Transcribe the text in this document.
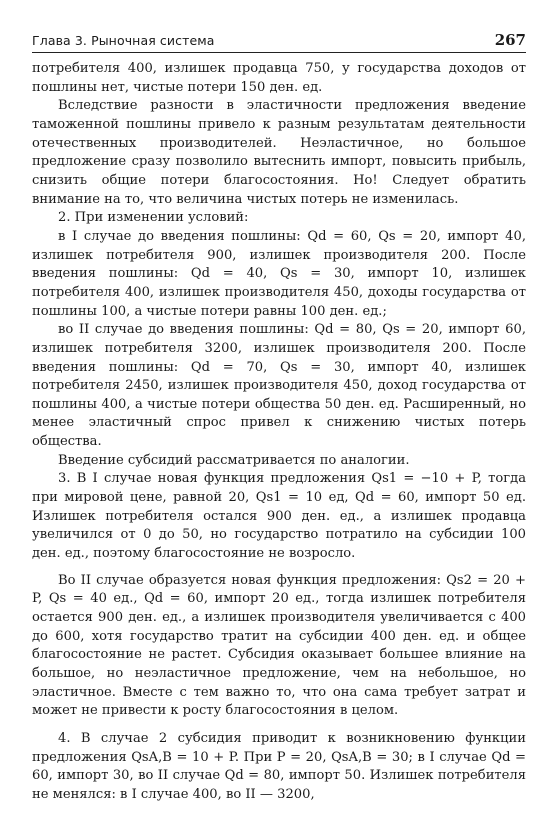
Глава 3. Рыночная система	267

потребителя 400, излишек продавца 750, у государства доходов от пошлины нет, чистые потери 150 ден. ед.

Вследствие разности в эластичности предложения введение таможенной пошлины привело к разным результатам деятельности отечественных производителей. Неэластичное, но большое предложение сразу позволило вытеснить импорт, повысить прибыль, снизить общие потери благосостояния. Но! Следует обратить внимание на то, что величина чистых потерь не изменилась.

2. При изменении условий:

в I случае до введения пошлины: Qd = 60, Qs = 20, импорт 40, излишек потребителя 900, излишек производителя 200. После введения пошлины: Qd = 40, Qs = 30, импорт 10, излишек потребителя 400, излишек производителя 450, доходы государства от пошлины 100, а чистые потери равны 100 ден. ед.;

во II случае до введения пошлины: Qd = 80, Qs = 20, импорт 60, излишек потребителя 3200, излишек производителя 200. После введения пошлины: Qd = 70, Qs = 30, импорт 40, излишек потребителя 2450, излишек производителя 450, доход государства от пошлины 400, а чистые потери общества 50 ден. ед. Расширенный, но менее эластичный спрос привел к снижению чистых потерь общества.

Введение субсидий рассматривается по аналогии.

3. В I случае новая функция предложения Qs1 = −10 + P, тогда при мировой цене, равной 20, Qs1 = 10 ед, Qd = 60, импорт 50 ед. Излишек потребителя остался 900 ден. ед., а излишек продавца увеличился от 0 до 50, но государство потратило на субсидии 100 ден. ед., поэтому благосостояние не возросло.

Во II случае образуется новая функция предложения: Qs2 = 20 + P, Qs = 40 ед., Qd = 60, импорт 20 ед., тогда излишек потребителя остается 900 ден. ед., а излишек производителя увеличивается с 400 до 600, хотя государство тратит на субсидии 400 ден. ед. и общее благосостояние не растет. Субсидия оказывает большее влияние на большое, но неэластичное предложение, чем на небольшое, но эластичное. Вместе с тем важно то, что она сама требует затрат и может не привести к росту благосостояния в целом.

4. В случае 2 субсидия приводит к возникновению функции предложения QsA,B = 10 + P. При P = 20, QsA,B = 30; в I случае Qd = 60, импорт 30, во II случае Qd = 80, импорт 50. Излишек потребителя не менялся: в I случае 400, во II — 3200,
